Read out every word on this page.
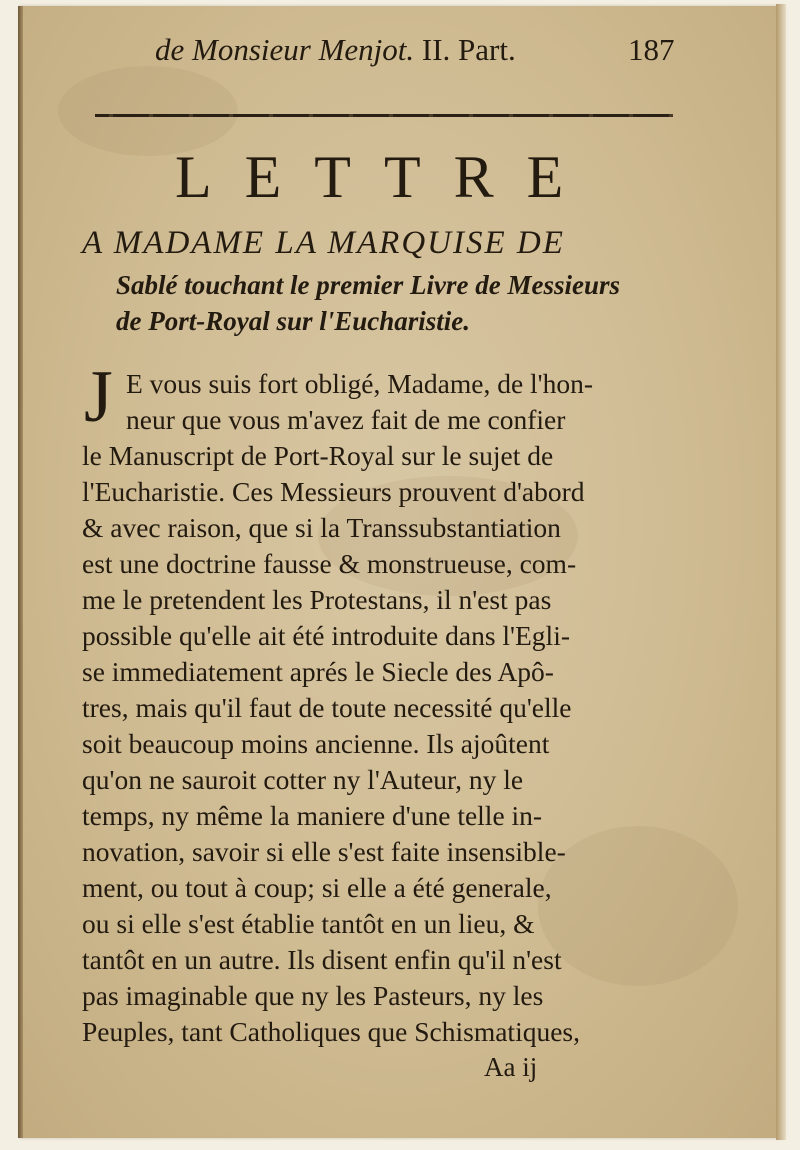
de Monsieur Menjot. II. Part.	187
LETTRE
A MADAME LA MARQUISE DE
Sablé touchant le premier Livre de Messieurs
de Port-Royal sur l'Eucharistie.
J E vous suis fort obligé, Madame, de l'hon-
neur que vous m'avez fait de me confier
le Manuscript de Port-Royal sur le sujet de
l'Eucharistie. Ces Messieurs prouvent d'abord
& avec raison, que si la Transsubstantiation
est une doctrine fausse & monstrueuse, com-
me le pretendent les Protestans, il n'est pas
possible qu'elle ait été introduite dans l'Egli-
se immediatement aprés le Siecle des Apô-
tres, mais qu'il faut de toute necessité qu'elle
soit beaucoup moins ancienne. Ils ajoûtent
qu'on ne sauroit cotter ny l'Auteur, ny le
temps, ny même la maniere d'une telle in-
novation, savoir si elle s'est faite insensible-
ment, ou tout à coup; si elle a été generale,
ou si elle s'est établie tantôt en un lieu, &
tantôt en un autre. Ils disent enfin qu'il n'est
pas imaginable que ny les Pasteurs, ny les
Peuples, tant Catholiques que Schismatiques,
Aa ij
